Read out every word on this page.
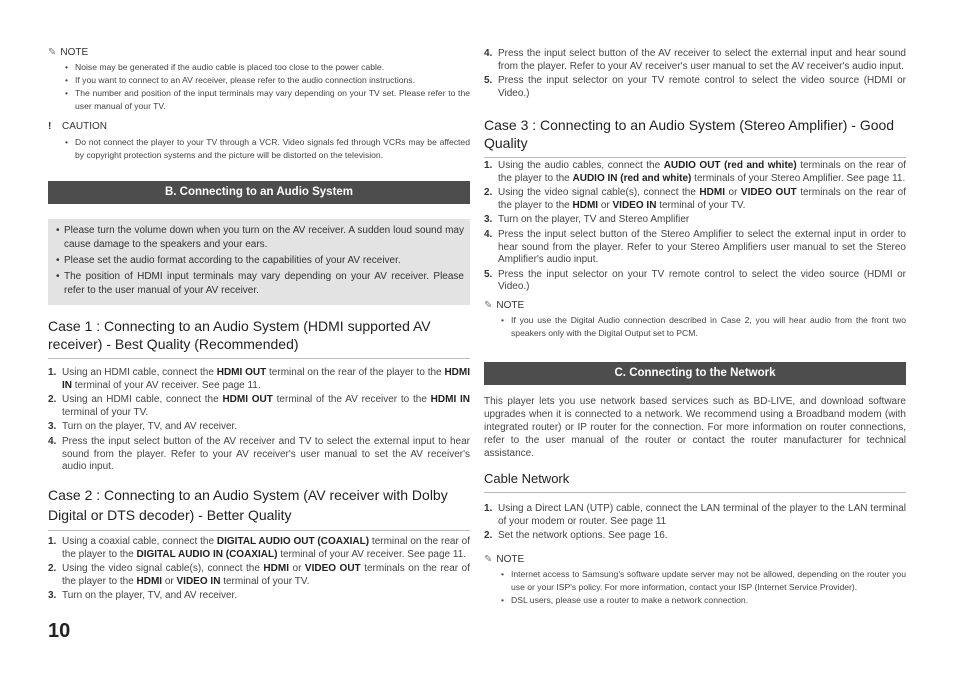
✎ NOTE
• Noise may be generated if the audio cable is placed too close to the power cable.
• If you want to connect to an AV receiver, please refer to the audio connection instructions.
• The number and position of the input terminals may vary depending on your TV set. Please refer to the user manual of your TV.
!	CAUTION
• Do not connect the player to your TV through a VCR. Video signals fed through VCRs may be affected by copyright protection systems and the picture will be distorted on the television.
B. Connecting to an Audio System
• Please turn the volume down when you turn on the AV receiver. A sudden loud sound may cause damage to the speakers and your ears.
• Please set the audio format according to the capabilities of your AV receiver.
• The position of HDMI input terminals may vary depending on your AV receiver. Please refer to the user manual of your AV receiver.
Case 1 : Connecting to an Audio System (HDMI supported AV receiver) - Best Quality (Recommended)
1. Using an HDMI cable, connect the HDMI OUT terminal on the rear of the player to the HDMI IN terminal of your AV receiver. See page 11.
2. Using an HDMI cable, connect the HDMI OUT terminal of the AV receiver to the HDMI IN terminal of your TV.
3. Turn on the player, TV, and AV receiver.
4. Press the input select button of the AV receiver and TV to select the external input to hear sound from the player. Refer to your AV receiver's user manual to set the AV receiver's audio input.
Case 2 : Connecting to an Audio System (AV receiver with Dolby Digital or DTS decoder) - Better Quality
1. Using a coaxial cable, connect the DIGITAL AUDIO OUT (COAXIAL) terminal on the rear of the player to the DIGITAL AUDIO IN (COAXIAL) terminal of your AV receiver. See page 11.
2. Using the video signal cable(s), connect the HDMI or VIDEO OUT terminals on the rear of the player to the HDMI or VIDEO IN terminal of your TV.
3. Turn on the player, TV, and AV receiver.
10
4. Press the input select button of the AV receiver to select the external input and hear sound from the player. Refer to your AV receiver's user manual to set the AV receiver's audio input.
5. Press the input selector on your TV remote control to select the video source (HDMI or Video.)
Case 3 : Connecting to an Audio System (Stereo Amplifier) - Good Quality
1. Using the audio cables, connect the AUDIO OUT (red and white) terminals on the rear of the player to the AUDIO IN (red and white) terminals of your Stereo Amplifier. See page 11.
2. Using the video signal cable(s), connect the HDMI or VIDEO OUT terminals on the rear of the player to the HDMI or VIDEO IN terminal of your TV.
3. Turn on the player, TV and Stereo Amplifier
4. Press the input select button of the Stereo Amplifier to select the external input in order to hear sound from the player. Refer to your Stereo Amplifiers user manual to set the Stereo Amplifier's audio input.
5. Press the input selector on your TV remote control to select the video source (HDMI or Video.)
✎ NOTE
• If you use the Digital Audio connection described in Case 2, you will hear audio from the front two speakers only with the Digital Output set to PCM.
C. Connecting to the Network
This player lets you use network based services such as BD-LIVE, and download software upgrades when it is connected to a network. We recommend using a Broadband modem (with integrated router) or IP router for the connection. For more information on router connections, refer to the user manual of the router or contact the router manufacturer for technical assistance.
Cable Network
1. Using a Direct LAN (UTP) cable, connect the LAN terminal of the player to the LAN terminal of your modem or router. See page 11
2. Set the network options. See page 16.
✎ NOTE
• Internet access to Samsung's software update server may not be allowed, depending on the router you use or your ISP's policy. For more information, contact your ISP (Internet Service Provider).
• DSL users, please use a router to make a network connection.
